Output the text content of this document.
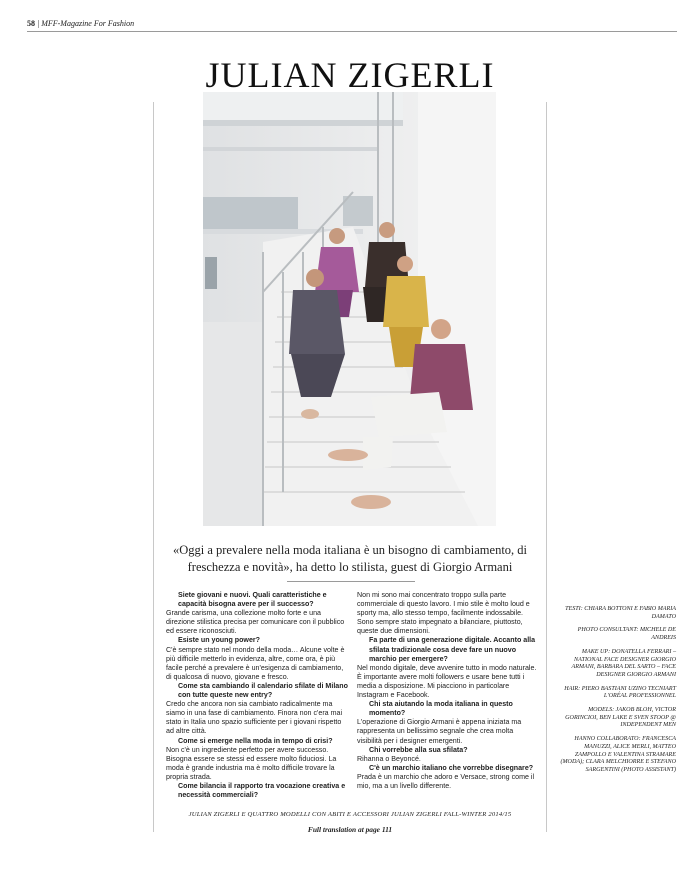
58 | MFF-Magazine For Fashion
JULIAN ZIGERLI
«Oggi a prevalere nella moda italiana è un bisogno di cambiamento, di freschezza e novità», ha detto lo stilista, guest di Giorgio Armani

Siete giovani e nuovi. Quali caratteristiche e capacità bisogna avere per il successo?

Grande carisma, una collezione molto forte e una direzione stilistica precisa per comunicare con il pubblico ed essere riconosciuti.

Esiste un young power?

C'è sempre stato nel mondo della moda… Alcune volte è più difficile metterlo in evidenza, altre, come ora, è più facile perché a prevalere è un'esigenza di cambiamento, di qualcosa di nuovo, giovane e fresco.

Come sta cambiando il calendario sfilate di Milano con tutte queste new entry?

Credo che ancora non sia cambiato radicalmente ma siamo in una fase di cambiamento. Finora non c'era mai stato in Italia uno spazio sufficiente per i giovani rispetto ad altre città.

Come si emerge nella moda in tempo di crisi?

Non c'è un ingrediente perfetto per avere successo. Bisogna essere se stessi ed essere molto fiduciosi. La moda è grande industria ma è molto difficile trovare la propria strada.

Come bilancia il rapporto tra vocazione creativa e necessità commerciali?

Non mi sono mai concentrato troppo sulla parte commerciale di questo lavoro. I mio stile è molto loud e sporty ma, allo stesso tempo, facilmente indossabile. Sono sempre stato impegnato a bilanciare, piuttosto, queste due dimensioni.

Fa parte di una generazione digitale. Accanto alla sfilata tradizionale cosa deve fare un nuovo marchio per emergere?

Nel mondo digitale, deve avvenire tutto in modo naturale. È importante avere molti followers e usare bene tutti i media a disposizione. Mi piacciono in particolare Instagram e Facebook.

Chi sta aiutando la moda italiana in questo momento?

L'operazione di Giorgio Armani è appena iniziata ma rappresenta un bellissimo segnale che crea molta visibilità per i designer emergenti.

Chi vorrebbe alla sua sfilata?

Rihanna o Beyoncé.

C'è un marchio italiano che vorrebbe disegnare?

Prada è un marchio che adoro e Versace, strong come il mio, ma a un livello differente.

TESTI: CHIARA BOTTONI E FABIO MARIA DAMATO
PHOTO CONSULTANT: MICHELE DE ANDREIS
MAKE UP: DONATELLA FERRARI – NATIONAL FACE DESIGNER GIORGIO ARMANI, BARBARA DEL SARTO – FACE DESIGNER GIORGIO ARMANI
HAIR: PIERO BASTIANI UZINO TECNIART L'ORÉAL PROFESSIONNEL
MODELS: JAKOB BLOH, VICTOR GORINCIOI, BEN LAKE E SVEN STOOP @ INDEPENDENT MEN
HANNO COLLABORATO: FRANCESCA MANUZZI, ALICE MERLI, MATTEO ZAMPOLLO E VALENTINA STRAMARE (MODA); CLARA MELCHIORRE E STEFANO SARGENTINI (PHOTO ASSISTANT)
JULIAN ZIGERLI E QUATTRO MODELLI CON ABITI E ACCESSORI JULIAN ZIGERLI FALL-WINTER 2014/15
Full translation at page 111
